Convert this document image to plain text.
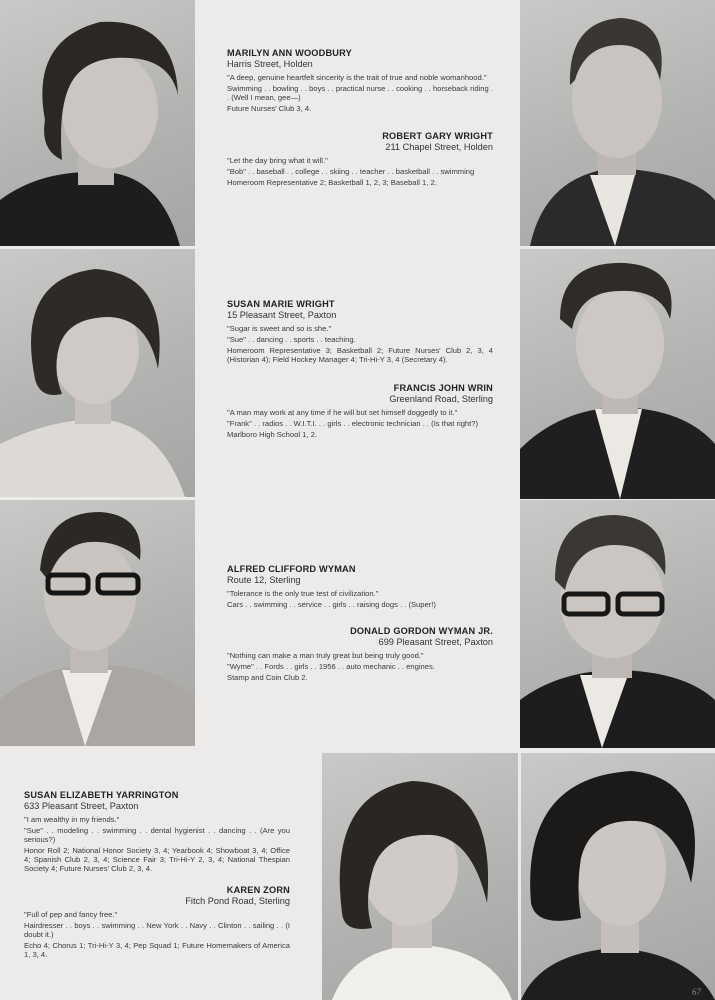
MARILYN ANN WOODBURY
Harris Street, Holden

"A deep, genuine heartfelt sincerity is the trait of true and noble womanhood."

Swimming . . bowling . . boys . . practical nurse . . cooking . . horseback riding . . (Well I mean, gee—)

Future Nurses' Club 3, 4.

ROBERT GARY WRIGHT
211 Chapel Street, Holden

"Let the day bring what it will."

"Bob" . . baseball . . college . . skiing . . teacher . . basketball . . swimming

Homeroom Representative 2; Basketball 1, 2, 3; Baseball 1, 2.

SUSAN MARIE WRIGHT
15 Pleasant Street, Paxton

"Sugar is sweet and so is she."

"Sue" . . dancing . . sports . . teaching.

Homeroom Representative 3; Basketball 2; Future Nurses' Club 2, 3, 4 (Historian 4); Field Hockey Manager 4; Tri-Hi-Y 3, 4 (Secretary 4).

FRANCIS JOHN WRIN
Greenland Road, Sterling

"A man may work at any time if he will but set himself doggedly to it."

"Frank" . . radios . . W.I.T.I. . . girls . . electronic technician . . (Is that right?)

Marlboro High School 1, 2.

ALFRED CLIFFORD WYMAN
Route 12, Sterling

"Tolerance is the only true test of civilization."

Cars . . swimming . . service . . girls . . raising dogs . . (Super!)

DONALD GORDON WYMAN JR.
699 Pleasant Street, Paxton

"Nothing can make a man truly great but being truly good."

"Wyme" . . Fords . . girls . . 1956 . . auto mechanic . . engines.

Stamp and Coin Club 2.

SUSAN ELIZABETH YARRINGTON
633 Pleasant Street, Paxton

"I am wealthy in my friends."

"Sue" . . modeling . . swimming . . dental hygienist . . dancing . . (Are you serious?)

Honor Roll 2; National Honor Society 3, 4; Yearbook 4; Showboat 3, 4; Office 4; Spanish Club 2, 3, 4; Science Fair 3; Tri-Hi-Y 2, 3, 4; National Thespian Society 4; Future Nurses' Club 2, 3, 4.

KAREN ZORN
Fitch Pond Road, Sterling

"Full of pep and fancy free."

Hairdresser . . boys . . swimming . . New York . . Navy . . Clinton . . sailing . . (I doubt it.)

Echo 4; Chorus 1; Tri-Hi-Y 3, 4; Pep Squad 1; Future Homemakers of America 1, 3, 4.

67
